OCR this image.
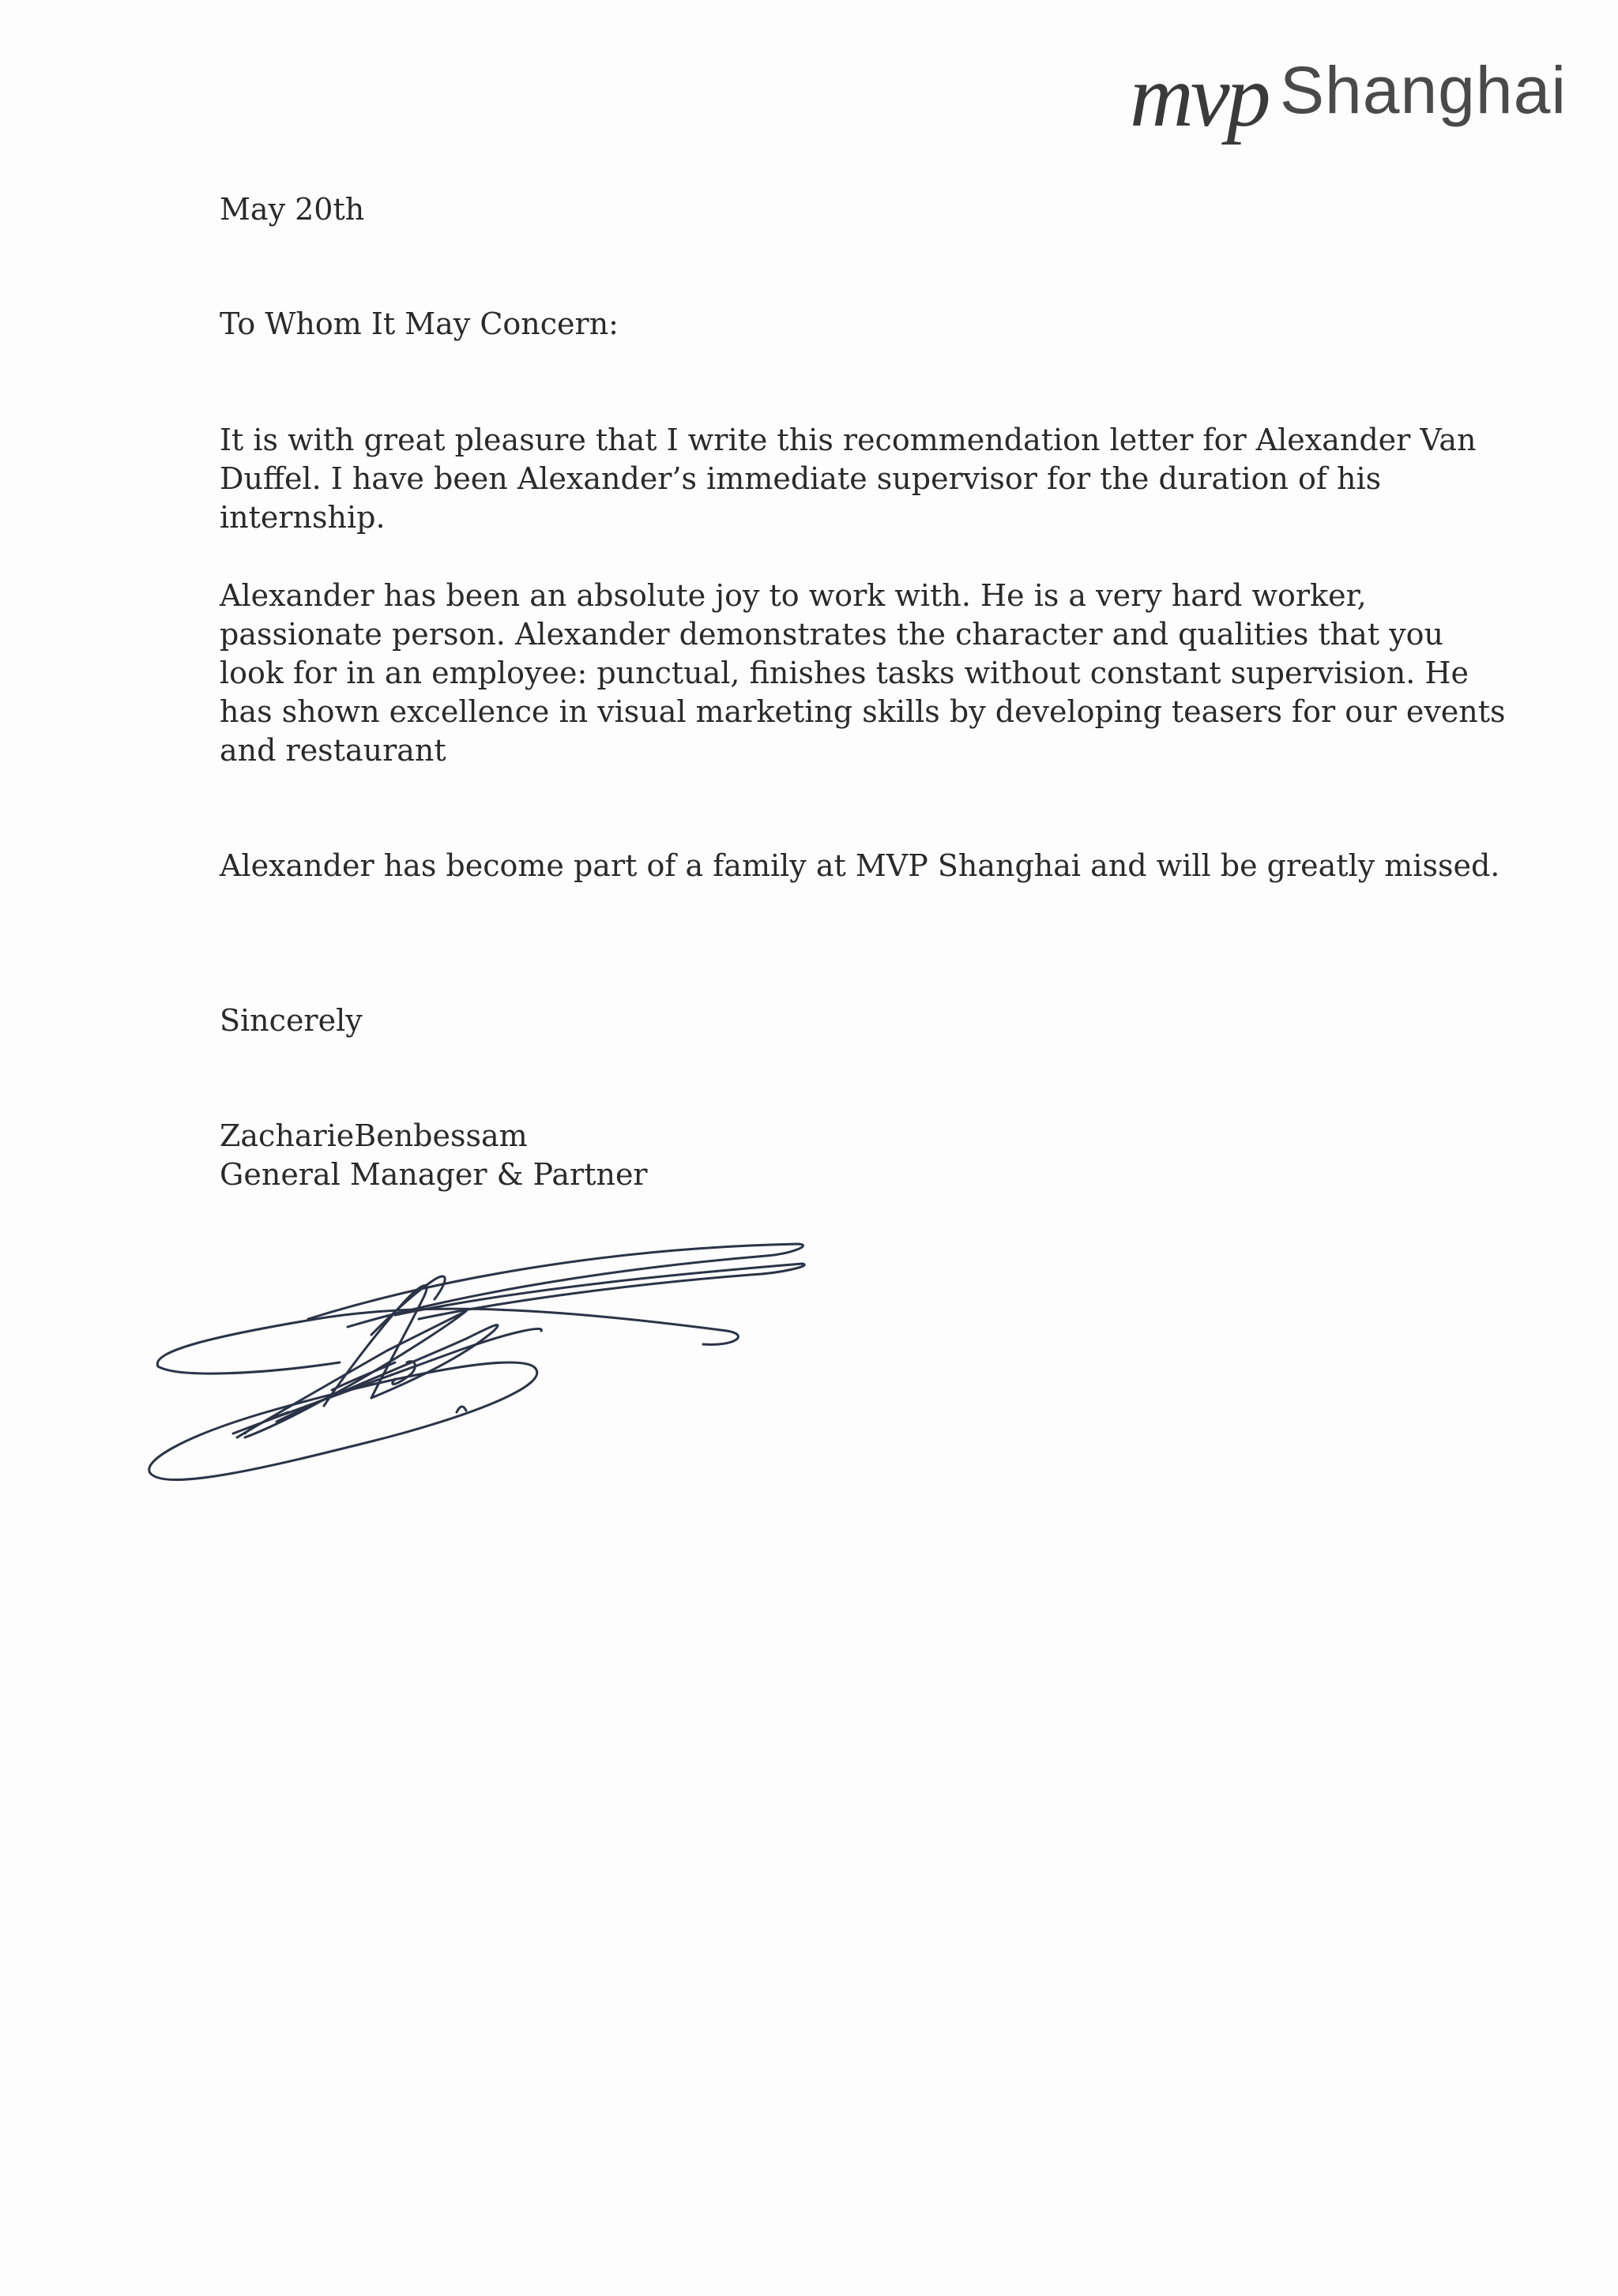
mvp Shanghai

May 20th

To Whom It May Concern:

It is with great pleasure that I write this recommendation letter for Alexander Van
Duffel. I have been Alexander’s immediate supervisor for the duration of his
internship.
Alexander has been an absolute joy to work with. He is a very hard worker,
passionate person. Alexander demonstrates the character and qualities that you
look for in an employee: punctual, finishes tasks without constant supervision. He
has shown excellence in visual marketing skills by developing teasers for our events
and restaurant

Alexander has become part of a family at MVP Shanghai and will be greatly missed.

Sincerely

ZacharieBenbessam

General Manager & Partner
